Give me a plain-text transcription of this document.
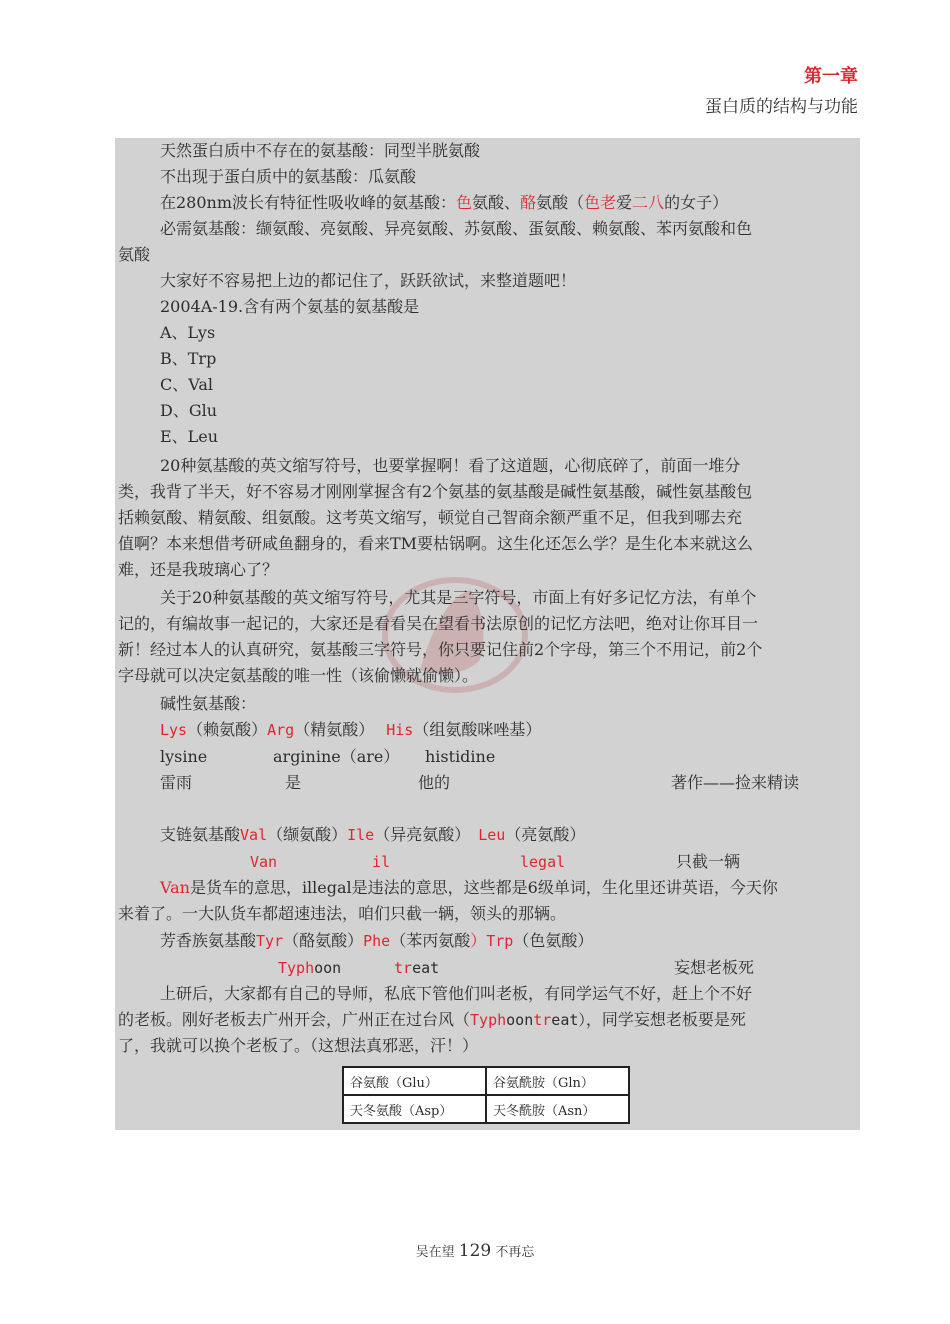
第一章
蛋白质的结构与功能
天然蛋白质中不存在的氨基酸：同型半胱氨酸
不出现于蛋白质中的氨基酸：瓜氨酸
在280nm波长有特征性吸收峰的氨基酸：色氨酸、酪氨酸（色老爱二八的女子）
必需氨基酸：缬氨酸、亮氨酸、异亮氨酸、苏氨酸、蛋氨酸、赖氨酸、苯丙氨酸和色
氨酸
大家好不容易把上边的都记住了，跃跃欲试，来整道题吧！
2004A-19.含有两个氨基的氨基酸是
A、Lys
B、Trp
C、Val
D、Glu
E、Leu
20种氨基酸的英文缩写符号，也要掌握啊！看了这道题，心彻底碎了，前面一堆分
类，我背了半天，好不容易才刚刚掌握含有2个氨基的氨基酸是碱性氨基酸，碱性氨基酸包
括赖氨酸、精氨酸、组氨酸。这考英文缩写，顿觉自己智商余额严重不足，但我到哪去充
值啊？本来想借考研咸鱼翻身的，看来TM要枯锅啊。这生化还怎么学？是生化本来就这么
难，还是我玻璃心了？
关于20种氨基酸的英文缩写符号，尤其是三字符号，市面上有好多记忆方法，有单个
记的，有编故事一起记的，大家还是看看吴在望看书法原创的记忆方法吧，绝对让你耳目一
新！经过本人的认真研究，氨基酸三字符号，你只要记住前2个字母，第三个不用记，前2个
字母就可以决定氨基酸的唯一性（该偷懒就偷懒）。
碱性氨基酸：
Lys（赖氨酸）Arg（精氨酸） His（组氨酸咪唑基）
lysine	arginine（are） histidine
雷雨	是	他的	著作——捡来精读
支链氨基酸Val（缬氨酸）Ile（异亮氨酸） Leu（亮氨酸）
Van	il	legal	只截一辆
Van是货车的意思，illegal是违法的意思，这些都是6级单词，生化里还讲英语，今天你
来着了。一大队货车都超速违法，咱们只截一辆，领头的那辆。
芳香族氨基酸Tyr（酪氨酸）Phe（苯丙氨酸）Trp（色氨酸）
Typhoon	treat	妄想老板死
上研后，大家都有自己的导师，私底下管他们叫老板，有同学运气不好，赶上个不好
的老板。刚好老板去广州开会，广州正在过台风（Typhoontreat），同学妄想老板要是死
了，我就可以换个老板了。（这想法真邪恶，汗！）
谷氨酸（Glu）	谷氨酰胺（Gln）
天冬氨酸（Asp）	天冬酰胺（Asn）
吴在望 129 不再忘
